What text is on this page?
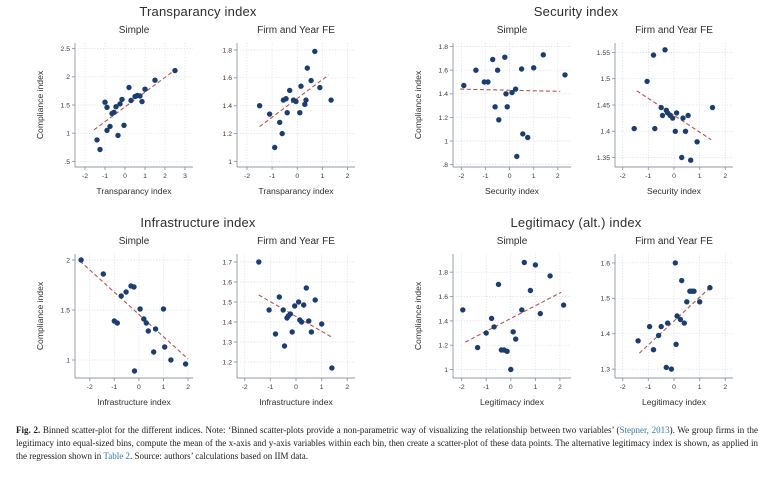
Transparancy index
Simple
-2 -1 0 1 2 3
.5
1
1.5
2
2.5
Transparancy index
Compliance index
Firm and Year FE
-2	-1	0	1	2
1
1.2
1.4
1.6
1.8
Transparancy index
Security index
Simple
-2	-1	0	1	2
.8
1
1.2
1.4
1.6
1.8
Security index
Compliance index
Firm and Year FE
-2	-1	0	1	2
1.35
1.4
1.45
1.5
1.55
Security index
Infrastructure index
Simple
-2	-1	0	1	2
1
1.5
2
Infrastructure index
Compliance index
Firm and Year FE
-2	-1	0	1	2
1.2
1.3
1.4
1.5
1.6
1.7
Infrastructure index
Legitimacy (alt.) index
Simple
-2	-1	0	1	2
1
1.2
1.4
1.6
1.8
Legitimacy index
Compliance index
Firm and Year FE
-2	-1	0	1	2
1.3
1.4
1.5
1.6
Legitimacy index

Fig. 2. Binned scatter-plot for the different indices. Note: ‘Binned scatter-plots provide a non-parametric way of visualizing the relationship between two variables’ (Stepner, 2013). We group firms in the legitimacy into equal-sized bins, compute the mean of the x-axis and y-axis variables within each bin, then create a scatter-plot of these data points. The alternative legitimacy index is shown, as applied in the regression shown in Table 2. Source: authors’ calculations based on IIM data.
